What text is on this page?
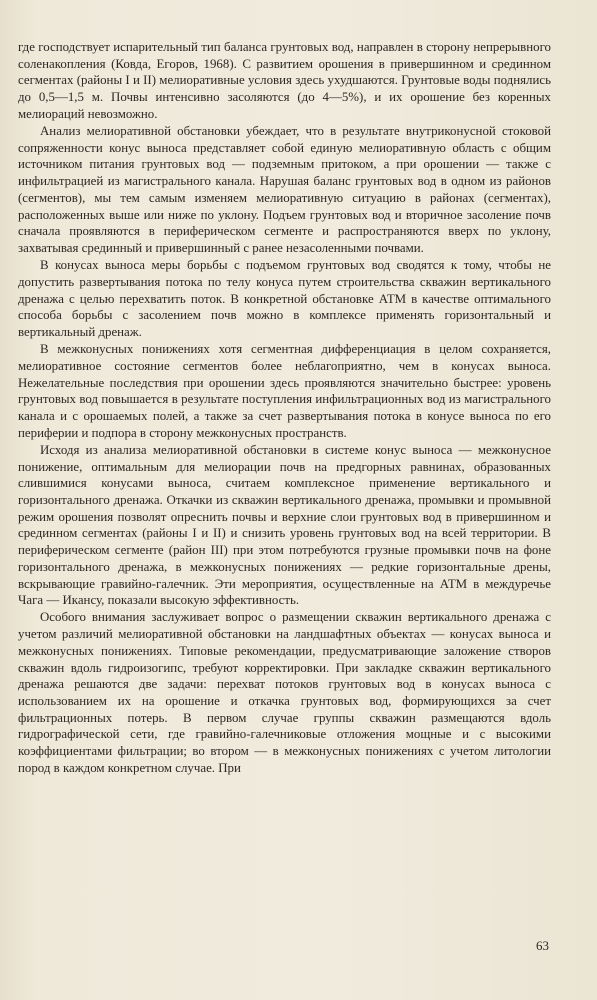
где господствует испарительный тип баланса грунтовых вод, направлен в сторону непрерывного соленакопления (Ковда, Егоров, 1968). С развитием орошения в привершинном и срединном сегментах (районы I и II) мелиоративные условия здесь ухудшаются. Грунтовые воды поднялись до 0,5—1,5 м. Почвы интенсивно засоляются (до 4—5%), и их орошение без коренных мелиораций невозможно.

Анализ мелиоративной обстановки убеждает, что в результате внутриконусной стоковой сопряженности конус выноса представляет собой единую мелиоративную область с общим источником питания грунтовых вод — подземным притоком, а при орошении — также с инфильтрацией из магистрального канала. Нарушая баланс грунтовых вод в одном из районов (сегментов), мы тем самым изменяем мелиоративную ситуацию в районах (сегментах), расположенных выше или ниже по уклону. Подъем грунтовых вод и вторичное засоление почв сначала проявляются в периферическом сегменте и распространяются вверх по уклону, захватывая срединный и привершинный с ранее незасоленными почвами.

В конусах выноса меры борьбы с подъемом грунтовых вод сводятся к тому, чтобы не допустить развертывания потока по телу конуса путем строительства скважин вертикального дренажа с целью перехватить поток. В конкретной обстановке АТМ в качестве оптимального способа борьбы с засолением почв можно в комплексе применять горизонтальный и вертикальный дренаж.

В межконусных понижениях хотя сегментная дифференциация в целом сохраняется, мелиоративное состояние сегментов более неблагоприятно, чем в конусах выноса. Нежелательные последствия при орошении здесь проявляются значительно быстрее: уровень грунтовых вод повышается в результате поступления инфильтрационных вод из магистрального канала и с орошаемых полей, а также за счет развертывания потока в конусе выноса по его периферии и подпора в сторону межконусных пространств.

Исходя из анализа мелиоративной обстановки в системе конус выноса — межконусное понижение, оптимальным для мелиорации почв на предгорных равнинах, образованных слившимися конусами выноса, считаем комплексное применение вертикального и горизонтального дренажа. Откачки из скважин вертикального дренажа, промывки и промывной режим орошения позволят опреснить почвы и верхние слои грунтовых вод в привершинном и срединном сегментах (районы I и II) и снизить уровень грунтовых вод на всей территории. В периферическом сегменте (район III) при этом потребуются грузные промывки почв на фоне горизонтального дренажа, в межконусных понижениях — редкие горизонтальные дрены, вскрывающие гравийно-галечник. Эти мероприятия, осуществленные на АТМ в междуречье Чага — Икансу, показали высокую эффективность.

Особого внимания заслуживает вопрос о размещении скважин вертикального дренажа с учетом различий мелиоративной обстановки на ландшафтных объектах — конусах выноса и межконусных понижениях. Типовые рекомендации, предусматривающие заложение створов скважин вдоль гидроизогипс, требуют корректировки. При закладке скважин вертикального дренажа решаются две задачи: перехват потоков грунтовых вод в конусах выноса с использованием их на орошение и откачка грунтовых вод, формирующихся за счет фильтрационных потерь. В первом случае группы скважин размещаются вдоль гидрографической сети, где гравийно-галечниковые отложения мощные и с высокими коэффициентами фильтрации; во втором — в межконусных понижениях с учетом литологии пород в каждом конкретном случае. При

63
